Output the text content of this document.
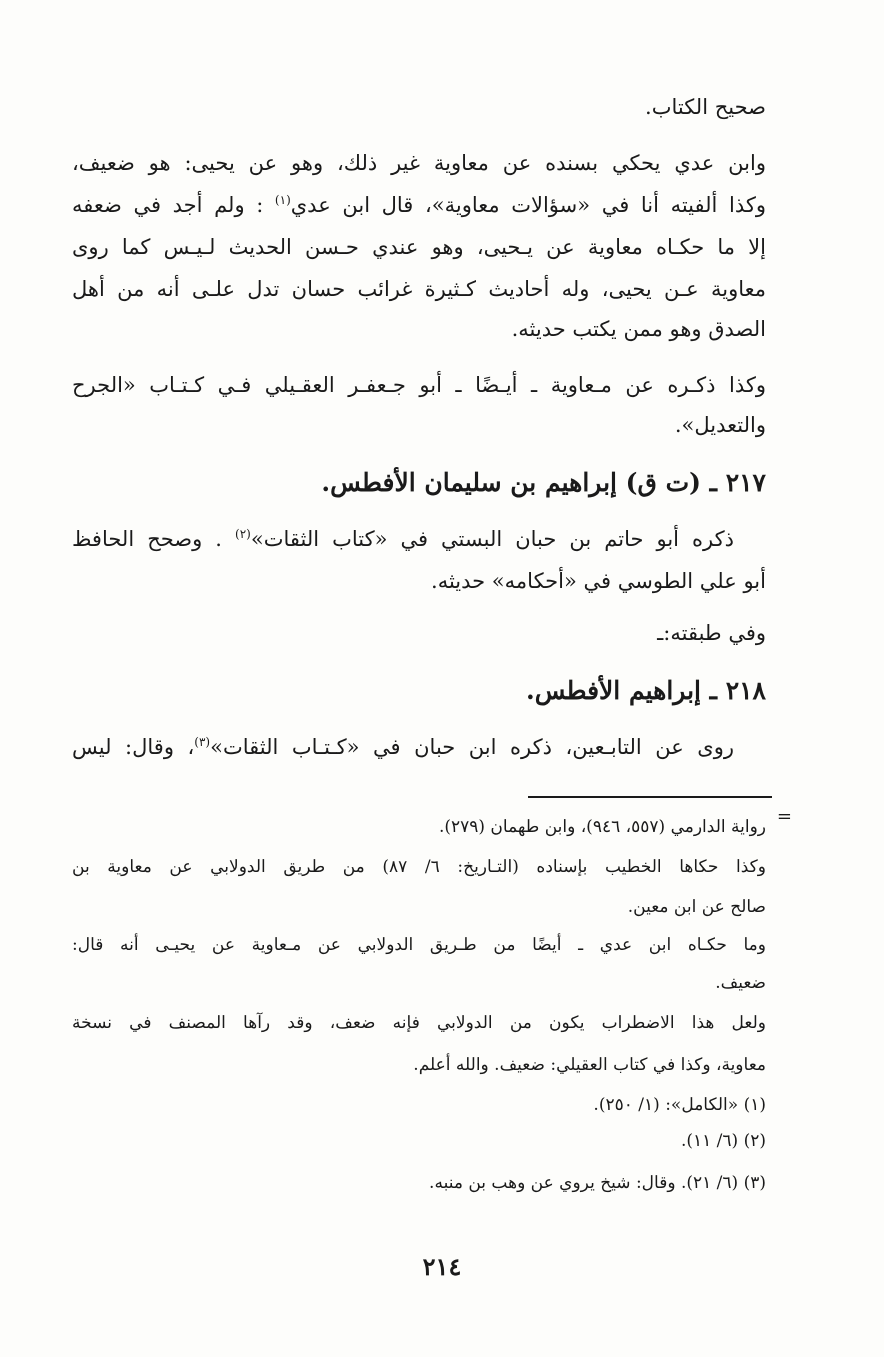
صحيح الكتاب.

وابن عدي يحكي بسنده عن معاوية غير ذلك، وهو عن يحيى: هو ضعيف،

وكذا ألفيته أنا في «سؤالات معاوية»، قال ابن عدي$^{(١)}$ : ولم أجد في ضعفه

إلا ما حكـاه معاوية عن يـحيى، وهو عندي حـسن الحديث لـيـس كما روى

معاوية عـن يحيى، وله أحاديث كـثيرة غرائب حسان تدل علـى أنه من أهل

الصدق وهو ممن يكتب حديثه.

وكذا ذكـره عن مـعاوية ـ أيـضًا ـ أبو جـعفـر العقـيلي فـي كـتـاب «الجرح

والتعديل».

٢١٧ ـ (ت ق) إبراهيم بن سليمان الأفطس.

ذكره أبو حاتم بن حبان البستي في «كتاب الثقات»$^{(٢)}$ . وصحح الحافظ

أبو علي الطوسي في «أحكامه» حديثه.

وفي طبقته:ـ

٢١٨ ـ إبراهيم الأفطس.

روى عن التابـعين، ذكره ابن حبان في «كـتـاب الثقات»$^{(٣)}$، وقال: ليس

=

رواية الدارمي (٥٥٧، ٩٤٦)، وابن طهمان (٢٧٩).

وكذا حكاها الخطيب بإسناده (التـاريخ: ٦/ ٨٧) من طريق الدولابي عن معاوية بن

صالح عن ابن معين.

وما حكـاه ابن عدي ـ أيضًا من طـريق الدولابي عن مـعاوية عن يحيـى أنه قال:

ضعيف.

ولعل هذا الاضطراب يكون من الدولابي فإنه ضعف، وقد رآها المصنف في نسخة

معاوية، وكذا في كتاب العقيلي: ضعيف. والله أعلم.

(١) «الكامل»: (١/ ٢٥٠).

(٢) (٦/ ١١).

(٣) (٦/ ٢١). وقال: شيخ يروي عن وهب بن منبه.

٢١٤
